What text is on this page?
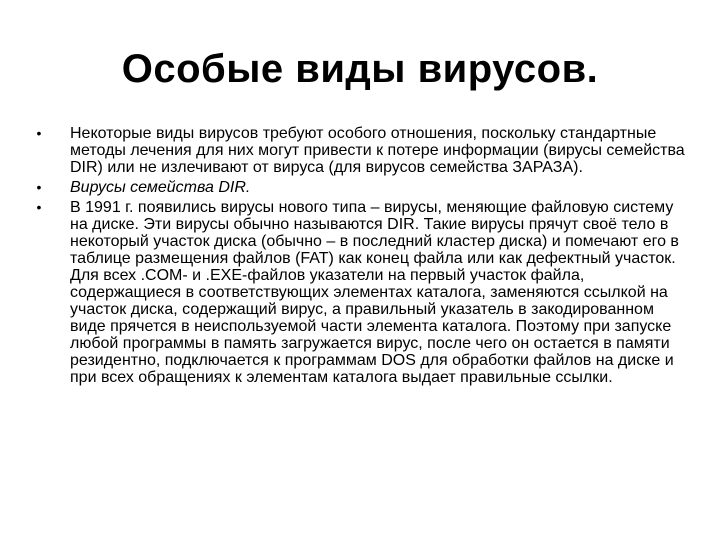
Особые виды вирусов.
• Некоторые виды вирусов требуют особого отношения, поскольку стандартные методы лечения для них могут привести к потере информации (вирусы семейства DIR) или не излечивают от вируса (для вирусов семейства ЗАРАЗА).
• Вирусы семейства DIR.
• В 1991 г. появились вирусы нового типа – вирусы, меняющие файловую систему на диске. Эти вирусы обычно называются DIR. Такие вирусы прячут своё тело в некоторый участок диска (обычно – в последний кластер диска) и помечают его в таблице размещения файлов (FAT) как конец файла или как дефектный участок. Для всех .COM- и .EXE-файлов указатели на первый участок файла, содержащиеся в соответствующих элементах каталога, заменяются ссылкой на участок диска, содержащий вирус, а правильный указатель в закодированном виде прячется в неиспользуемой части элемента каталога. Поэтому при запуске любой программы в память загружается вирус, после чего он остается в памяти резидентно, подключается к программам DOS для обработки файлов на диске и при всех обращениях к элементам каталога выдает правильные ссылки.
